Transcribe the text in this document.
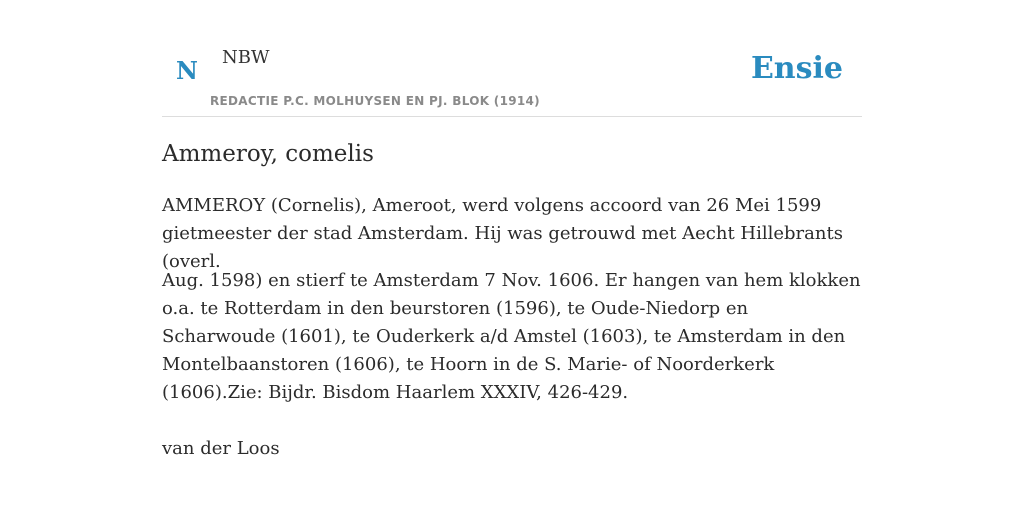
N NBW
REDACTIE P.C. MOLHUYSEN EN PJ. BLOK (1914)
Ensie
Ammeroy, comelis

AMMEROY (Cornelis), Ameroot, werd volgens accoord van 26 Mei 1599 gietmeester der stad Amsterdam. Hij was getrouwd met Aecht Hillebrants (overl.

Aug. 1598) en stierf te Amsterdam 7 Nov. 1606. Er hangen van hem klokken o.a. te Rotterdam in den beurstoren (1596), te Oude-Niedorp en Scharwoude (1601), te Ouderkerk a/d Amstel (1603), te Amsterdam in den Montelbaanstoren (1606), te Hoorn in de S. Marie- of Noorderkerk (1606).Zie: Bijdr. Bisdom Haarlem XXXIV, 426-429.

van der Loos
